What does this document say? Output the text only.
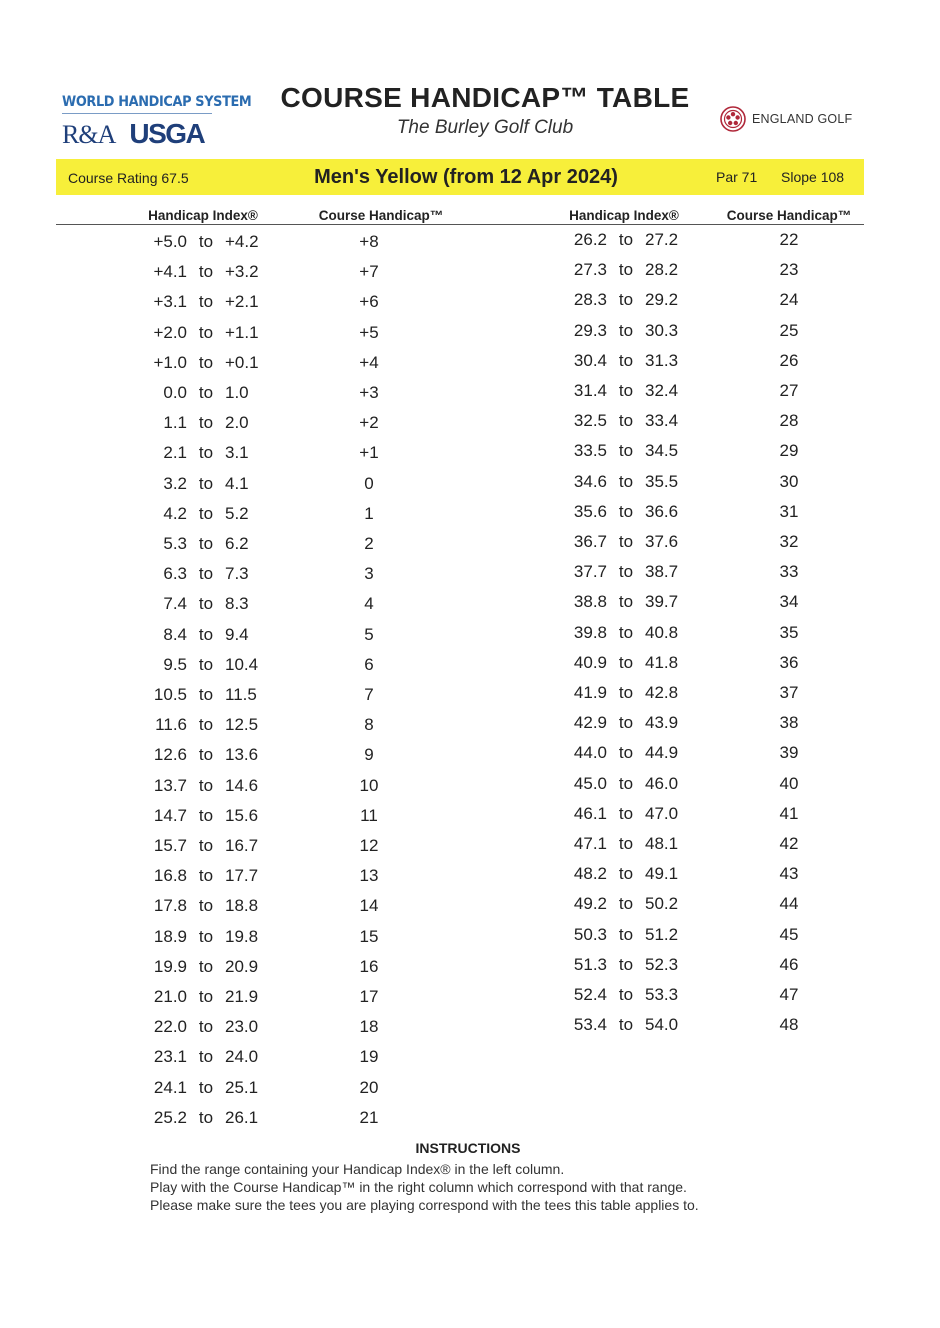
WORLD HANDICAP SYSTEM
R&A USGA
COURSE HANDICAP™ TABLE
The Burley Golf Club	ENGLAND GOLF
Course Rating 67.5	Men's Yellow (from 12 Apr 2024)	Par 71 Slope 108
Handicap Index®	Course Handicap™	Handicap Index®	Course Handicap™
+5.0 to +4.2	+8
+4.1 to +3.2	+7
+3.1 to +2.1	+6
+2.0 to +1.1	+5
+1.0 to +0.1	+4
0.0 to 1.0	+3
1.1 to 2.0	+2
2.1 to 3.1	+1
3.2 to 4.1	0
4.2 to 5.2	1
5.3 to 6.2	2
6.3 to 7.3	3
7.4 to 8.3	4
8.4 to 9.4	5
9.5 to 10.4	6
10.5 to 11.5	7
11.6 to 12.5	8
12.6 to 13.6	9
13.7 to 14.6	10
14.7 to 15.6	11
15.7 to 16.7	12
16.8 to 17.7	13
17.8 to 18.8	14
18.9 to 19.8	15
19.9 to 20.9	16
21.0 to 21.9	17
22.0 to 23.0	18
23.1 to 24.0	19
24.1 to 25.1	20
25.2 to 26.1	21
26.2 to 27.2	22
27.3 to 28.2	23
28.3 to 29.2	24
29.3 to 30.3	25
30.4 to 31.3	26
31.4 to 32.4	27
32.5 to 33.4	28
33.5 to 34.5	29
34.6 to 35.5	30
35.6 to 36.6	31
36.7 to 37.6	32
37.7 to 38.7	33
38.8 to 39.7	34
39.8 to 40.8	35
40.9 to 41.8	36
41.9 to 42.8	37
42.9 to 43.9	38
44.0 to 44.9	39
45.0 to 46.0	40
46.1 to 47.0	41
47.1 to 48.1	42
48.2 to 49.1	43
49.2 to 50.2	44
50.3 to 51.2	45
51.3 to 52.3	46
52.4 to 53.3	47
53.4 to 54.0	48
INSTRUCTIONS
Find the range containing your Handicap Index® in the left column.
Play with the Course Handicap™ in the right column which correspond with that range.
Please make sure the tees you are playing correspond with the tees this table applies to.
